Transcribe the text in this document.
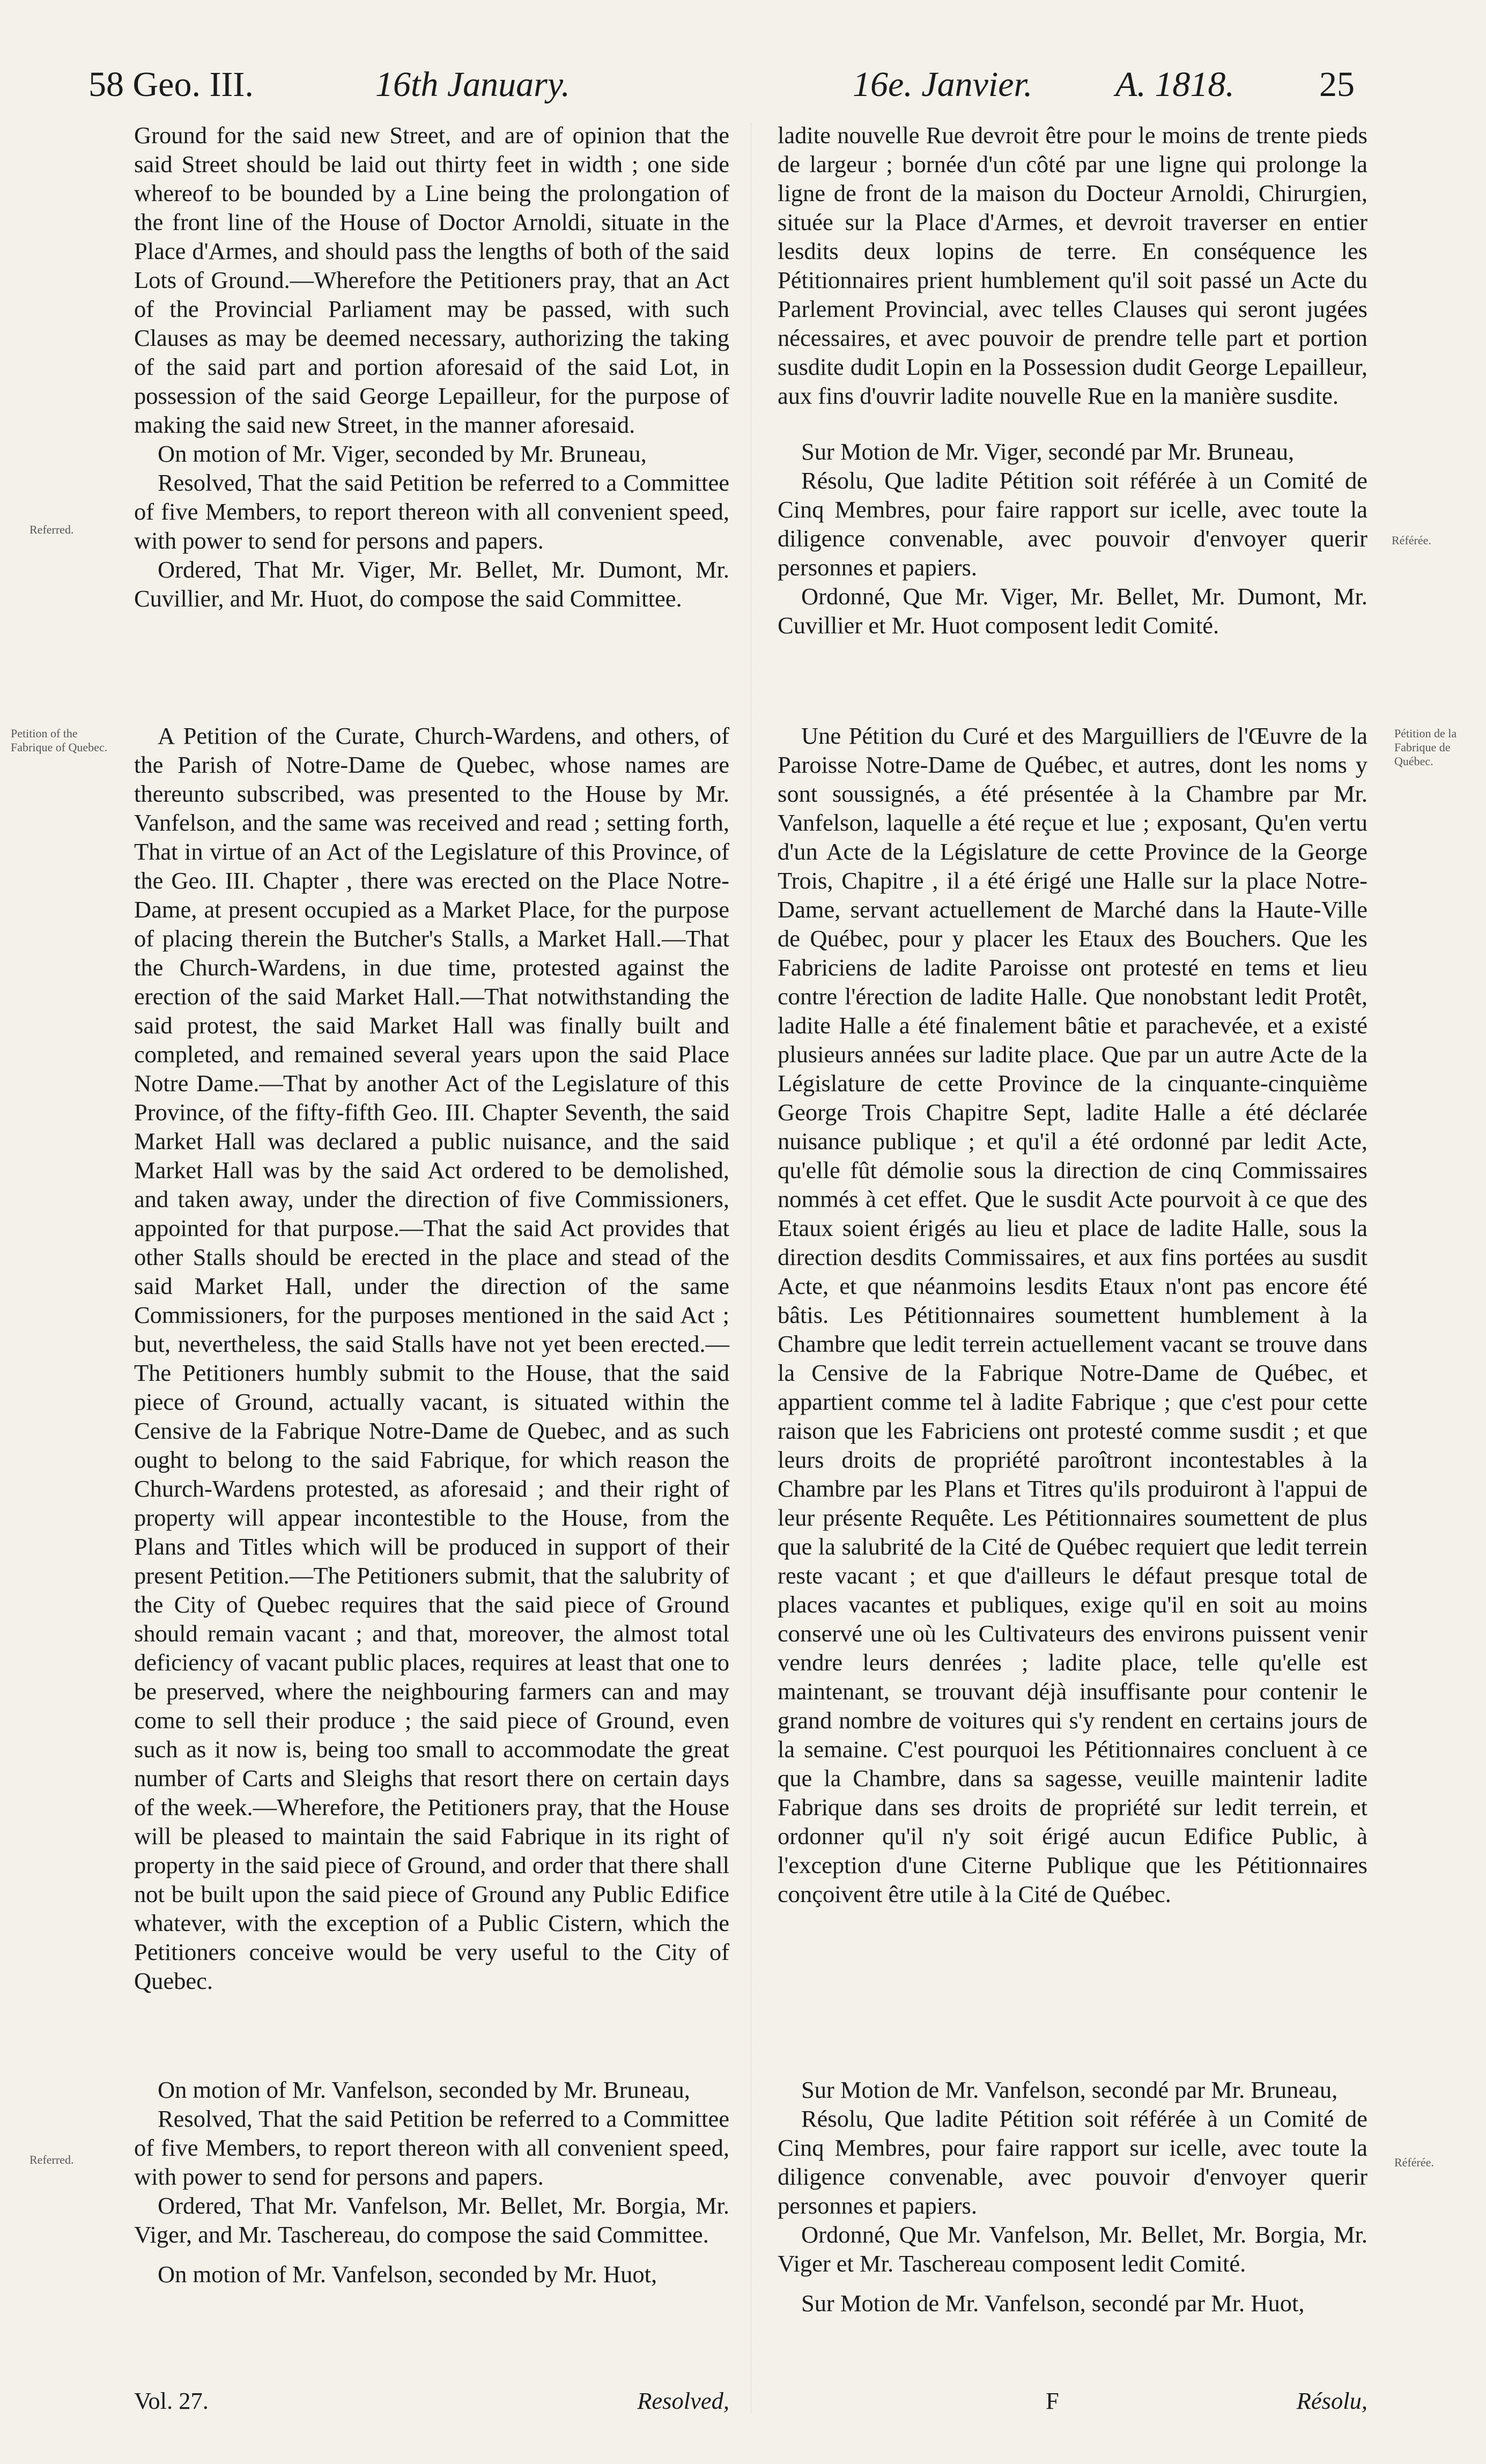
58 Geo. III.	16th January.	16e. Janvier. A. 1818. 25
Referred.
Référée.
Petition of the Fabrique of Quebec.
Pétition de la Fabrique de Québec.
Referred.	Référée.

Ground for the said new Street, and are of opinion that the said Street should be laid out thirty feet in width ; one side whereof to be bounded by a Line being the prolongation of the front line of the House of Doctor Arnoldi, situate in the Place d'Armes, and should pass the lengths of both of the said Lots of Ground.—Wherefore the Petitioners pray, that an Act of the Provincial Parliament may be passed, with such Clauses as may be deemed necessary, authorizing the taking of the said part and portion aforesaid of the said Lot, in possession of the said George Lepailleur, for the purpose of making the said new Street, in the manner aforesaid.

On motion of Mr. Viger, seconded by Mr. Bruneau,

Resolved, That the said Petition be referred to a Committee of five Members, to report thereon with all convenient speed, with power to send for persons and papers.

Ordered, That Mr. Viger, Mr. Bellet, Mr. Dumont, Mr. Cuvillier, and Mr. Huot, do compose the said Committee.

A Petition of the Curate, Church-Wardens, and others, of the Parish of Notre-Dame de Quebec, whose names are thereunto subscribed, was presented to the House by Mr. Vanfelson, and the same was received and read ; setting forth, That in virtue of an Act of the Legislature of this Province, of the Geo. III. Chapter , there was erected on the Place Notre-Dame, at present occupied as a Market Place, for the purpose of placing therein the Butcher's Stalls, a Market Hall.—That the Church-Wardens, in due time, protested against the erection of the said Market Hall.—That notwithstanding the said protest, the said Market Hall was finally built and completed, and remained several years upon the said Place Notre Dame.—That by another Act of the Legislature of this Province, of the fifty-fifth Geo. III. Chapter Seventh, the said Market Hall was declared a public nuisance, and the said Market Hall was by the said Act ordered to be demolished, and taken away, under the direction of five Commissioners, appointed for that purpose.—That the said Act provides that other Stalls should be erected in the place and stead of the said Market Hall, under the direction of the same Commissioners, for the purposes mentioned in the said Act ; but, nevertheless, the said Stalls have not yet been erected.—The Petitioners humbly submit to the House, that the said piece of Ground, actually vacant, is situated within the Censive de la Fabrique Notre-Dame de Quebec, and as such ought to belong to the said Fabrique, for which reason the Church-Wardens protested, as aforesaid ; and their right of property will appear incontestible to the House, from the Plans and Titles which will be produced in support of their present Petition.—The Petitioners submit, that the salubrity of the City of Quebec requires that the said piece of Ground should remain vacant ; and that, moreover, the almost total deficiency of vacant public places, requires at least that one to be preserved, where the neighbouring farmers can and may come to sell their produce ; the said piece of Ground, even such as it now is, being too small to accommodate the great number of Carts and Sleighs that resort there on certain days of the week.—Wherefore, the Petitioners pray, that the House will be pleased to maintain the said Fabrique in its right of property in the said piece of Ground, and order that there shall not be built upon the said piece of Ground any Public Edifice whatever, with the exception of a Public Cistern, which the Petitioners conceive would be very useful to the City of Quebec.

On motion of Mr. Vanfelson, seconded by Mr. Bruneau,

Resolved, That the said Petition be referred to a Committee of five Members, to report thereon with all convenient speed, with power to send for persons and papers.

Ordered, That Mr. Vanfelson, Mr. Bellet, Mr. Borgia, Mr. Viger, and Mr. Taschereau, do compose the said Committee.

On motion of Mr. Vanfelson, seconded by Mr. Huot,

Vol. 27.	Resolved,

ladite nouvelle Rue devroit être pour le moins de trente pieds de largeur ; bornée d'un côté par une ligne qui prolonge la ligne de front de la maison du Docteur Arnoldi, Chirurgien, située sur la Place d'Armes, et devroit traverser en entier lesdits deux lopins de terre. En conséquence les Pétitionnaires prient humblement qu'il soit passé un Acte du Parlement Provincial, avec telles Clauses qui seront jugées nécessaires, et avec pouvoir de prendre telle part et portion susdite dudit Lopin en la Possession dudit George Lepailleur, aux fins d'ouvrir ladite nouvelle Rue en la manière susdite.

Sur Motion de Mr. Viger, secondé par Mr. Bruneau,

Résolu, Que ladite Pétition soit référée à un Comité de Cinq Membres, pour faire rapport sur icelle, avec toute la diligence convenable, avec pouvoir d'envoyer querir personnes et papiers.

Ordonné, Que Mr. Viger, Mr. Bellet, Mr. Dumont, Mr. Cuvillier et Mr. Huot composent ledit Comité.

Une Pétition du Curé et des Marguilliers de l'Œuvre de la Paroisse Notre-Dame de Québec, et autres, dont les noms y sont soussignés, a été présentée à la Chambre par Mr. Vanfelson, laquelle a été reçue et lue ; exposant, Qu'en vertu d'un Acte de la Législature de cette Province de la George Trois, Chapitre , il a été érigé une Halle sur la place Notre-Dame, servant actuellement de Marché dans la Haute-Ville de Québec, pour y placer les Etaux des Bouchers. Que les Fabriciens de ladite Paroisse ont protesté en tems et lieu contre l'érection de ladite Halle. Que nonobstant ledit Protêt, ladite Halle a été finalement bâtie et parachevée, et a existé plusieurs années sur ladite place. Que par un autre Acte de la Législature de cette Province de la cinquante-cinquième George Trois Chapitre Sept, ladite Halle a été déclarée nuisance publique ; et qu'il a été ordonné par ledit Acte, qu'elle fût démolie sous la direction de cinq Commissaires nommés à cet effet. Que le susdit Acte pourvoit à ce que des Etaux soient érigés au lieu et place de ladite Halle, sous la direction desdits Commissaires, et aux fins portées au susdit Acte, et que néanmoins lesdits Etaux n'ont pas encore été bâtis. Les Pétitionnaires soumettent humblement à la Chambre que ledit terrein actuellement vacant se trouve dans la Censive de la Fabrique Notre-Dame de Québec, et appartient comme tel à ladite Fabrique ; que c'est pour cette raison que les Fabriciens ont protesté comme susdit ; et que leurs droits de propriété paroîtront incontestables à la Chambre par les Plans et Titres qu'ils produiront à l'appui de leur présente Requête. Les Pétitionnaires soumettent de plus que la salubrité de la Cité de Québec requiert que ledit terrein reste vacant ; et que d'ailleurs le défaut presque total de places vacantes et publiques, exige qu'il en soit au moins conservé une où les Cultivateurs des environs puissent venir vendre leurs denrées ; ladite place, telle qu'elle est maintenant, se trouvant déjà insuffisante pour contenir le grand nombre de voitures qui s'y rendent en certains jours de la semaine. C'est pourquoi les Pétitionnaires concluent à ce que la Chambre, dans sa sagesse, veuille maintenir ladite Fabrique dans ses droits de propriété sur ledit terrein, et ordonner qu'il n'y soit érigé aucun Edifice Public, à l'exception d'une Citerne Publique que les Pétitionnaires conçoivent être utile à la Cité de Québec.

Sur Motion de Mr. Vanfelson, secondé par Mr. Bruneau,

Résolu, Que ladite Pétition soit référée à un Comité de Cinq Membres, pour faire rapport sur icelle, avec toute la diligence convenable, avec pouvoir d'envoyer querir personnes et papiers.

Ordonné, Que Mr. Vanfelson, Mr. Bellet, Mr. Borgia, Mr. Viger et Mr. Taschereau composent ledit Comité.

Sur Motion de Mr. Vanfelson, secondé par Mr. Huot,

F	Résolu,
